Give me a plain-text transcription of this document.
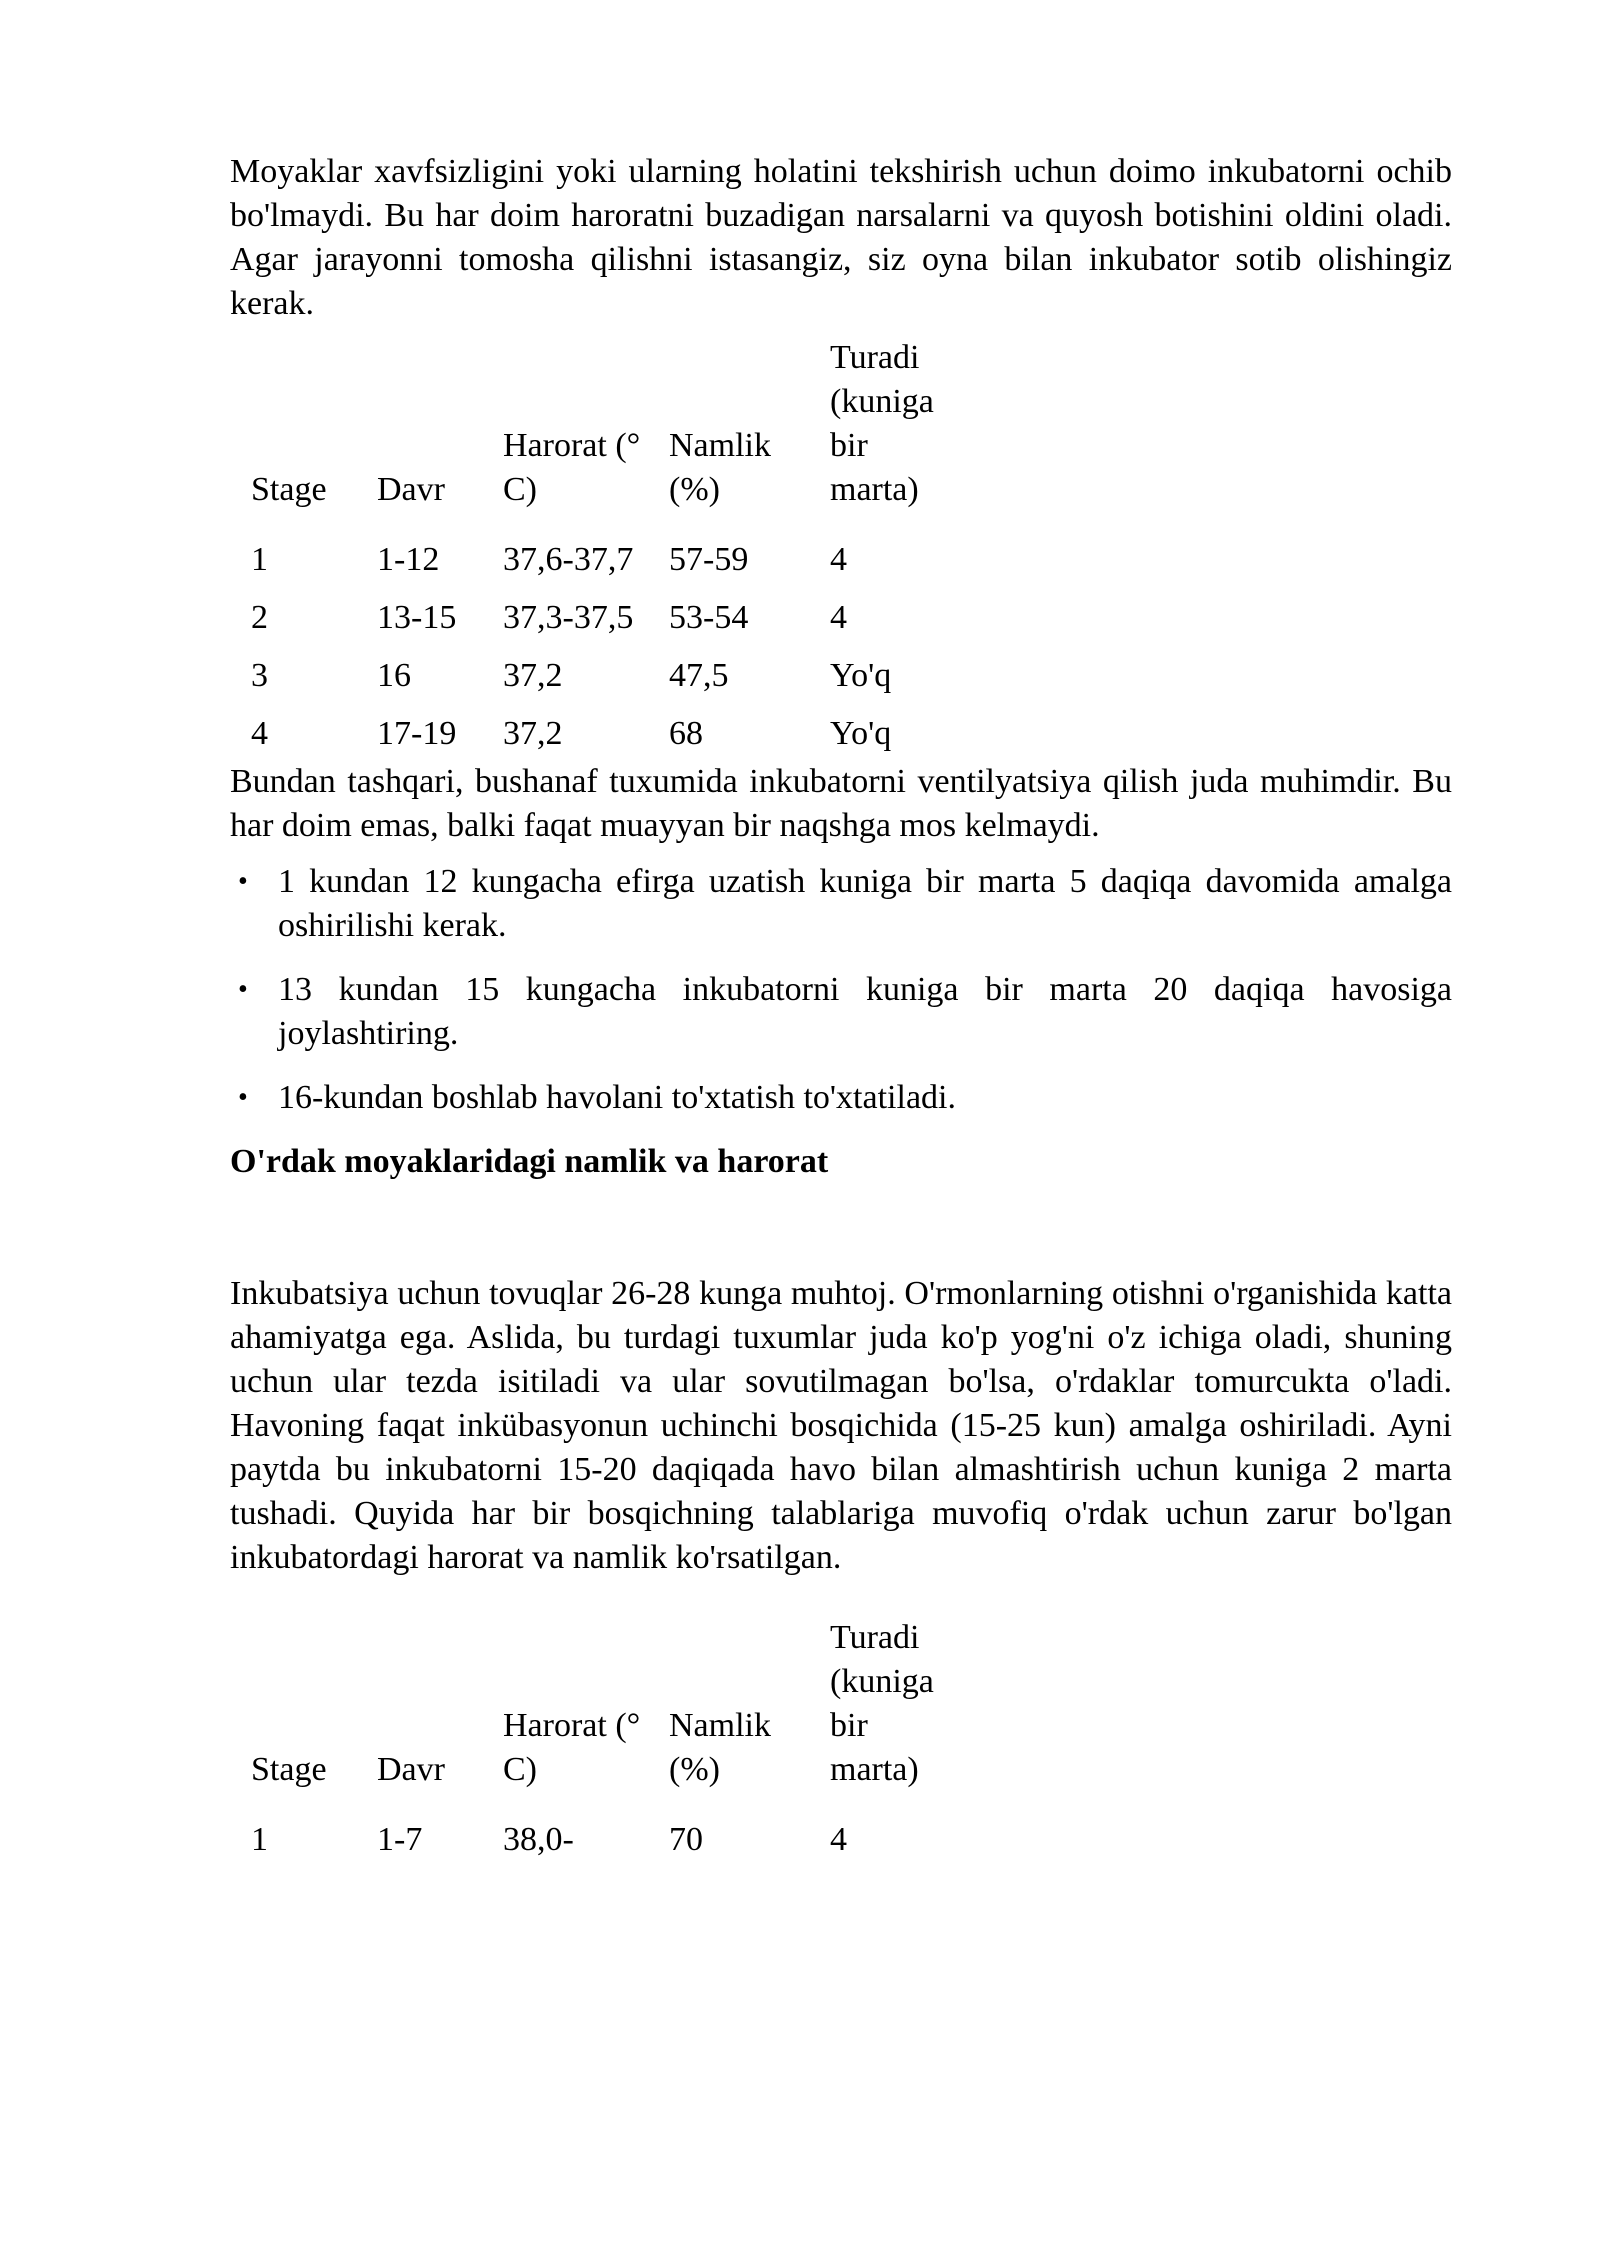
Moyaklar xavfsizligini yoki ularning holatini tekshirish uchun doimo inkubatorni ochib bo'lmaydi. Bu har doim haroratni buzadigan narsalarni va quyosh botishini oldini oladi. Agar jarayonni tomosha qilishni istasangiz, siz oyna bilan inkubator sotib olishingiz kerak.

Stage	Davr	Harorat (° C)	Namlik (%)	Turadi (kuniga bir marta)
1	1-12	37,6-37,7	57-59	4
2	13-15	37,3-37,5	53-54	4
3	16	37,2	47,5	Yo'q
4	17-19	37,2	68	Yo'q

Bundan tashqari, bushanaf tuxumida inkubatorni ventilyatsiya qilish juda muhimdir. Bu har doim emas, balki faqat muayyan bir naqshga mos kelmaydi.

• 1 kundan 12 kungacha efirga uzatish kuniga bir marta 5 daqiqa davomida amalga oshirilishi kerak.
• 13 kundan 15 kungacha inkubatorni kuniga bir marta 20 daqiqa havosiga joylashtiring.
• 16-kundan boshlab havolani to'xtatish to'xtatiladi.
O'rdak moyaklaridagi namlik va harorat

Inkubatsiya uchun tovuqlar 26-28 kunga muhtoj. O'rmonlarning otishni o'rganishida katta ahamiyatga ega. Aslida, bu turdagi tuxumlar juda ko'p yog'ni o'z ichiga oladi, shuning uchun ular tezda isitiladi va ular sovutilmagan bo'lsa, o'rdaklar tomurcukta o'ladi. Havoning faqat inkübasyonun uchinchi bosqichida (15-25 kun) amalga oshiriladi. Ayni paytda bu inkubatorni 15-20 daqiqada havo bilan almashtirish uchun kuniga 2 marta tushadi. Quyida har bir bosqichning talablariga muvofiq o'rdak uchun zarur bo'lgan inkubatordagi harorat va namlik ko'rsatilgan.

Stage	Davr	Harorat (° C)	Namlik (%)	Turadi (kuniga bir marta)
1	1-7	38,0-	70	4
